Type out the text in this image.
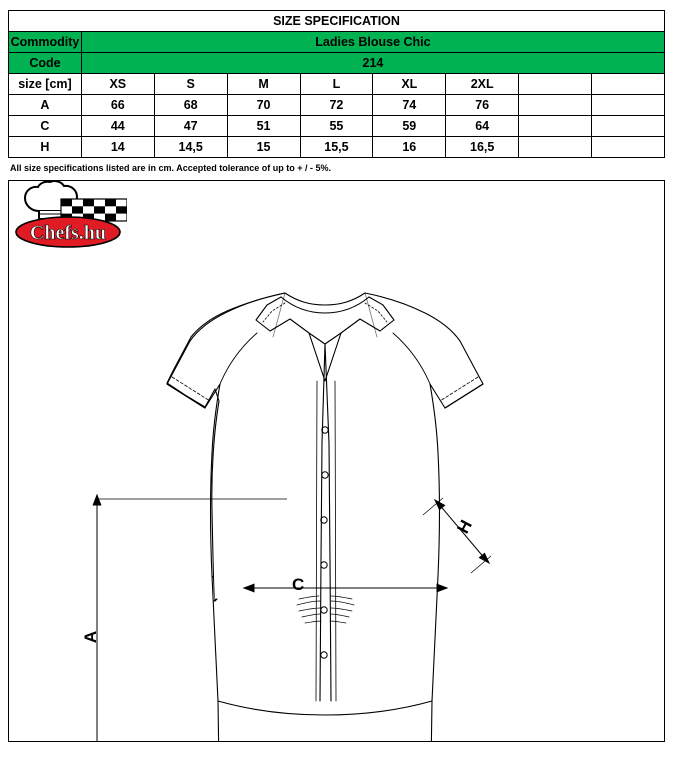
SIZE SPECIFICATION								
Commodity	Ladies Blouse Chic							
Code	214							
size [cm]	XS	S	M	L	XL	2XL		
A	66	68	70	72	74	76		
C	44	47	51	55	59	64		
H	14	14,5	15	15,5	16	16,5		
All size specifications listed are in cm. Accepted tolerance of up to + / - 5%.
A
C
H
Chefs.hu
